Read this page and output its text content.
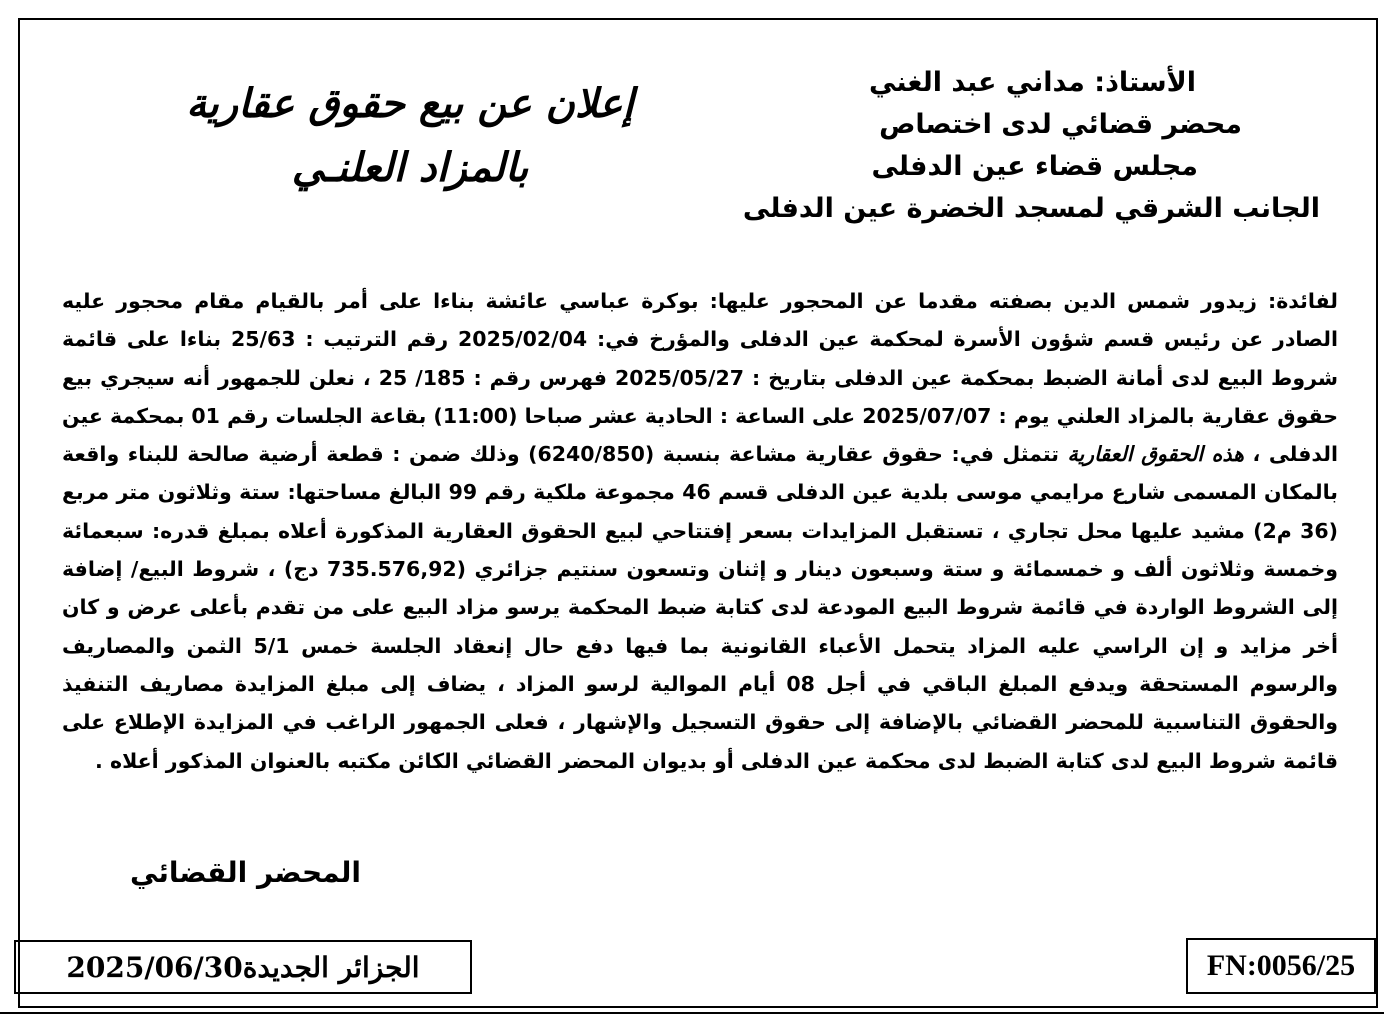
الأستاذ: مداني عبد الغني
محضر قضائي لدى اختصاص
مجلس قضاء عين الدفلى
الجانب الشرقي لمسجد الخضرة عين الدفلى
إعلان عن بيع حقوق عقارية
بالمزاد العلنـي
لفائدة: زيدور شمس الدين بصفته مقدما عن المحجور عليها: بوكرة عباسي عائشة بناءا على أمر بالقيام مقام محجور عليه الصادر عن رئيس قسم شؤون الأسرة لمحكمة عين الدفلى والمؤرخ في: 2025/02/04 رقم الترتيب : 25/63 بناءا على قائمة شروط البيع لدى أمانة الضبط بمحكمة عين الدفلى بتاريخ : 2025/05/27 فهرس رقم : 185/ 25 ، نعلن للجمهور أنه سيجري بيع حقوق عقارية بالمزاد العلني يوم : 2025/07/07 على الساعة : الحادية عشر صباحا (11:00) بقاعة الجلسات رقم 01 بمحكمة عين الدفلى ، هذه الحقوق العقارية تتمثل في: حقوق عقارية مشاعة بنسبة (6240/850) وذلك ضمن : قطعة أرضية صالحة للبناء واقعة بالمكان المسمى شارع مرايمي موسى بلدية عين الدفلى قسم 46 مجموعة ملكية رقم 99 البالغ مساحتها: ستة وثلاثون متر مربع (36 م2) مشيد عليها محل تجاري ، تستقبل المزايدات بسعر إفتتاحي لبيع الحقوق العقارية المذكورة أعلاه بمبلغ قدره: سبعمائة وخمسة وثلاثون ألف و خمسمائة و ستة وسبعون دينار و إثنان وتسعون سنتيم جزائري (735.576,92 دج) ، شروط البيع/ إضافة إلى الشروط الواردة في قائمة شروط البيع المودعة لدى كتابة ضبط المحكمة يرسو مزاد البيع على من تقدم بأعلى عرض و كان أخر مزايد و إن الراسي عليه المزاد يتحمل الأعباء القانونية بما فيها دفع حال إنعقاد الجلسة خمس 5/1 الثمن والمصاريف والرسوم المستحقة ويدفع المبلغ الباقي في أجل 08 أيام الموالية لرسو المزاد ، يضاف إلى مبلغ المزايدة مصاريف التنفيذ والحقوق التناسبية للمحضر القضائي بالإضافة إلى حقوق التسجيل والإشهار ، فعلى الجمهور الراغب في المزايدة الإطلاع على قائمة شروط البيع لدى كتابة الضبط لدى محكمة عين الدفلى أو بديوان المحضر القضائي الكائن مكتبه بالعنوان المذكور أعلاه .
المحضر القضائي
الجزائر الجديدة2025/06/30	FN:0056/25
